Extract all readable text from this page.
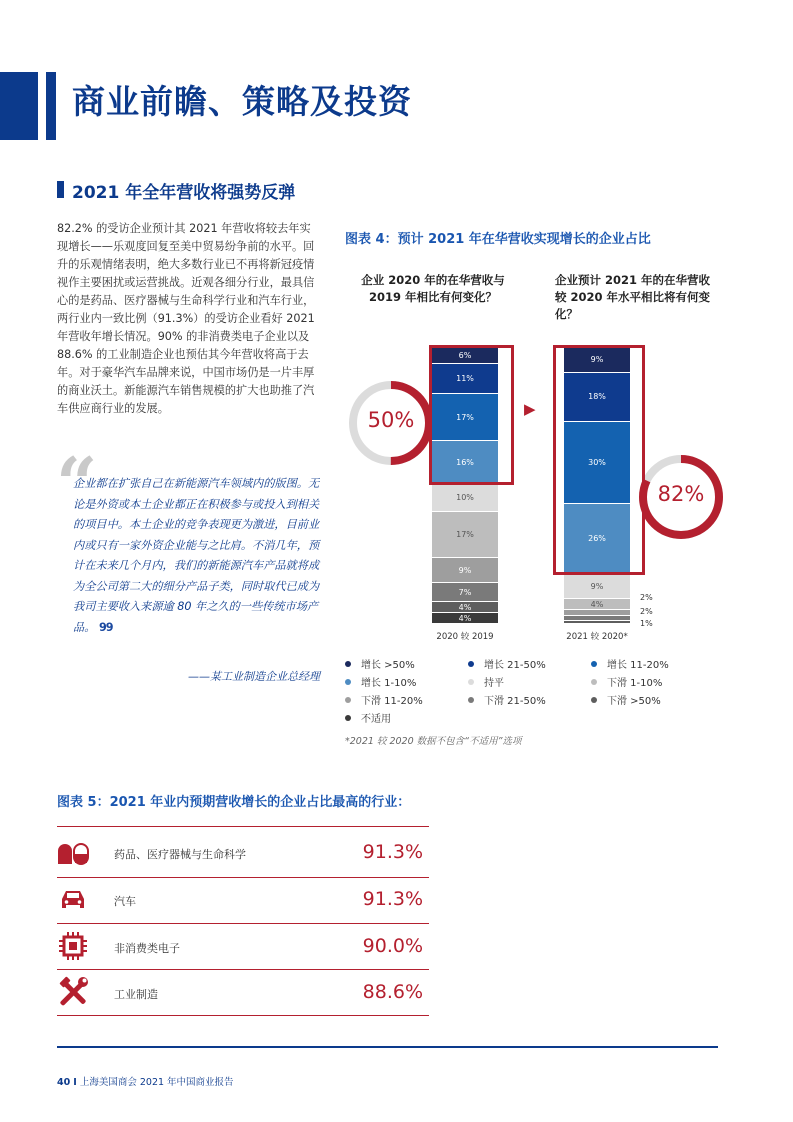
商业前瞻、策略及投资
2021 年全年营收将强势反弹
82.2% 的受访企业预计其 2021 年营收将较去年实现增长——乐观度回复至美中贸易纷争前的水平。回升的乐观情绪表明，绝大多数行业已不再将新冠疫情视作主要困扰或运营挑战。近观各细分行业，最具信心的是药品、医疗器械与生命科学行业和汽车行业，两行业内一致比例（91.3%）的受访企业看好 2021 年营收年增长情况。90% 的非消费类电子企业以及 88.6% 的工业制造企业也预估其今年营收将高于去年。对于豪华汽车品牌来说，中国市场仍是一片丰厚的商业沃土。新能源汽车销售规模的扩大也助推了汽车供应商行业的发展。
“
企业都在扩张自己在新能源汽车领域内的版图。无论是外资或本土企业都正在积极参与或投入到相关的项目中。本土企业的竞争表现更为激进，目前业内或只有一家外资企业能与之比肩。不消几年，预计在未来几个月内，我们的新能源汽车产品就将成为全公司第二大的细分产品子类，同时取代已成为我司主要收入来源逾 80 年之久的一些传统市场产品。 99
——某工业制造企业总经理
图表 4：预计 2021 年在华营收实现增长的企业占比
企业 2020 年的在华营收与 2019 年相比有何变化？
企业预计 2021 年的在华营收较 2020 年水平相比将有何变化？
50%
82%
▶
6%
11%
17%
16%
10%
17%
9%
7%
4%
4%
9%
18%
30%
26%
9%
4%
2%
2%
1%
2020 较 2019	2021 较 2020*
增长 >50%	增长 21-50%	增长 11-20%
增长 1-10%	持平	下滑 1-10%
下滑 11-20%	下滑 21-50%	下滑 >50%
不适用
*2021 较 2020 数据不包含“不适用”选项
图表 5：2021 年业内预期营收增长的企业占比最高的行业：
药品、医疗器械与生命科学	91.3%
汽车	91.3%
非消费类电子	90.0%
工业制造	88.6%
40 I 上海美国商会 2021 年中国商业报告
